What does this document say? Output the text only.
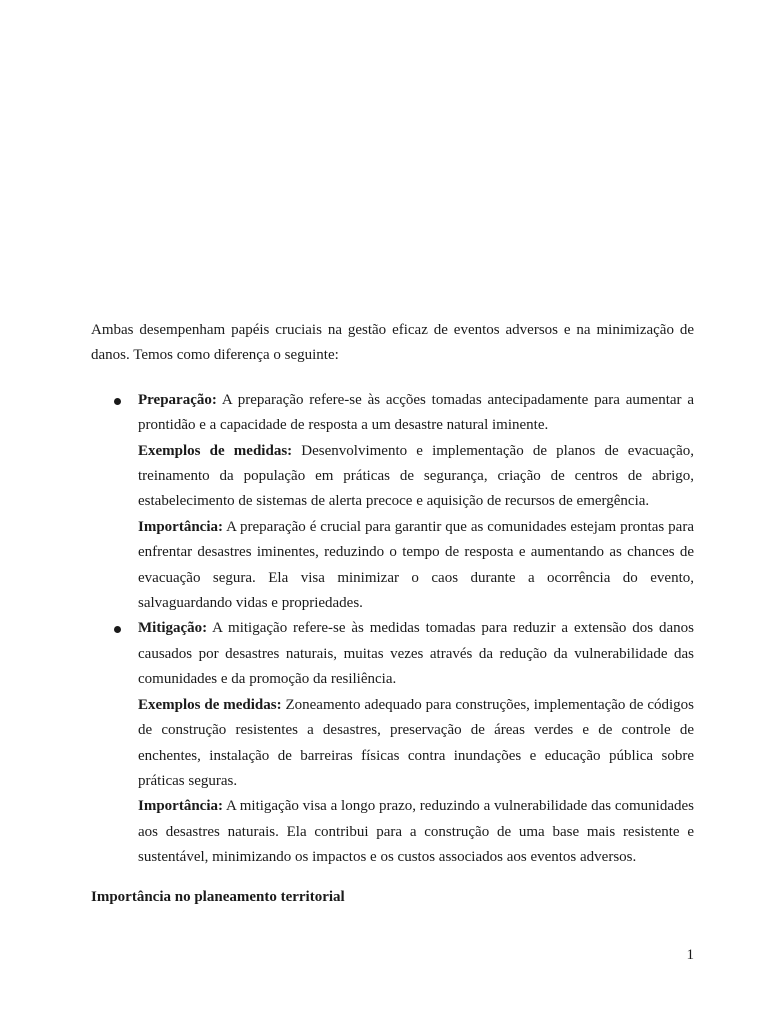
Ambas desempenham papéis cruciais na gestão eficaz de eventos adversos e na minimização de danos. Temos como diferença o seguinte:

Preparação: A preparação refere-se às acções tomadas antecipadamente para aumentar a prontidão e a capacidade de resposta a um desastre natural iminente.

Exemplos de medidas: Desenvolvimento e implementação de planos de evacuação, treinamento da população em práticas de segurança, criação de centros de abrigo, estabelecimento de sistemas de alerta precoce e aquisição de recursos de emergência.

Importância: A preparação é crucial para garantir que as comunidades estejam prontas para enfrentar desastres iminentes, reduzindo o tempo de resposta e aumentando as chances de evacuação segura. Ela visa minimizar o caos durante a ocorrência do evento, salvaguardando vidas e propriedades.

Mitigação: A mitigação refere-se às medidas tomadas para reduzir a extensão dos danos causados por desastres naturais, muitas vezes através da redução da vulnerabilidade das comunidades e da promoção da resiliência.

Exemplos de medidas: Zoneamento adequado para construções, implementação de códigos de construção resistentes a desastres, preservação de áreas verdes e de controle de enchentes, instalação de barreiras físicas contra inundações e educação pública sobre práticas seguras.

Importância: A mitigação visa a longo prazo, reduzindo a vulnerabilidade das comunidades aos desastres naturais. Ela contribui para a construção de uma base mais resistente e sustentável, minimizando os impactos e os custos associados aos eventos adversos.

Importância no planeamento territorial

1
